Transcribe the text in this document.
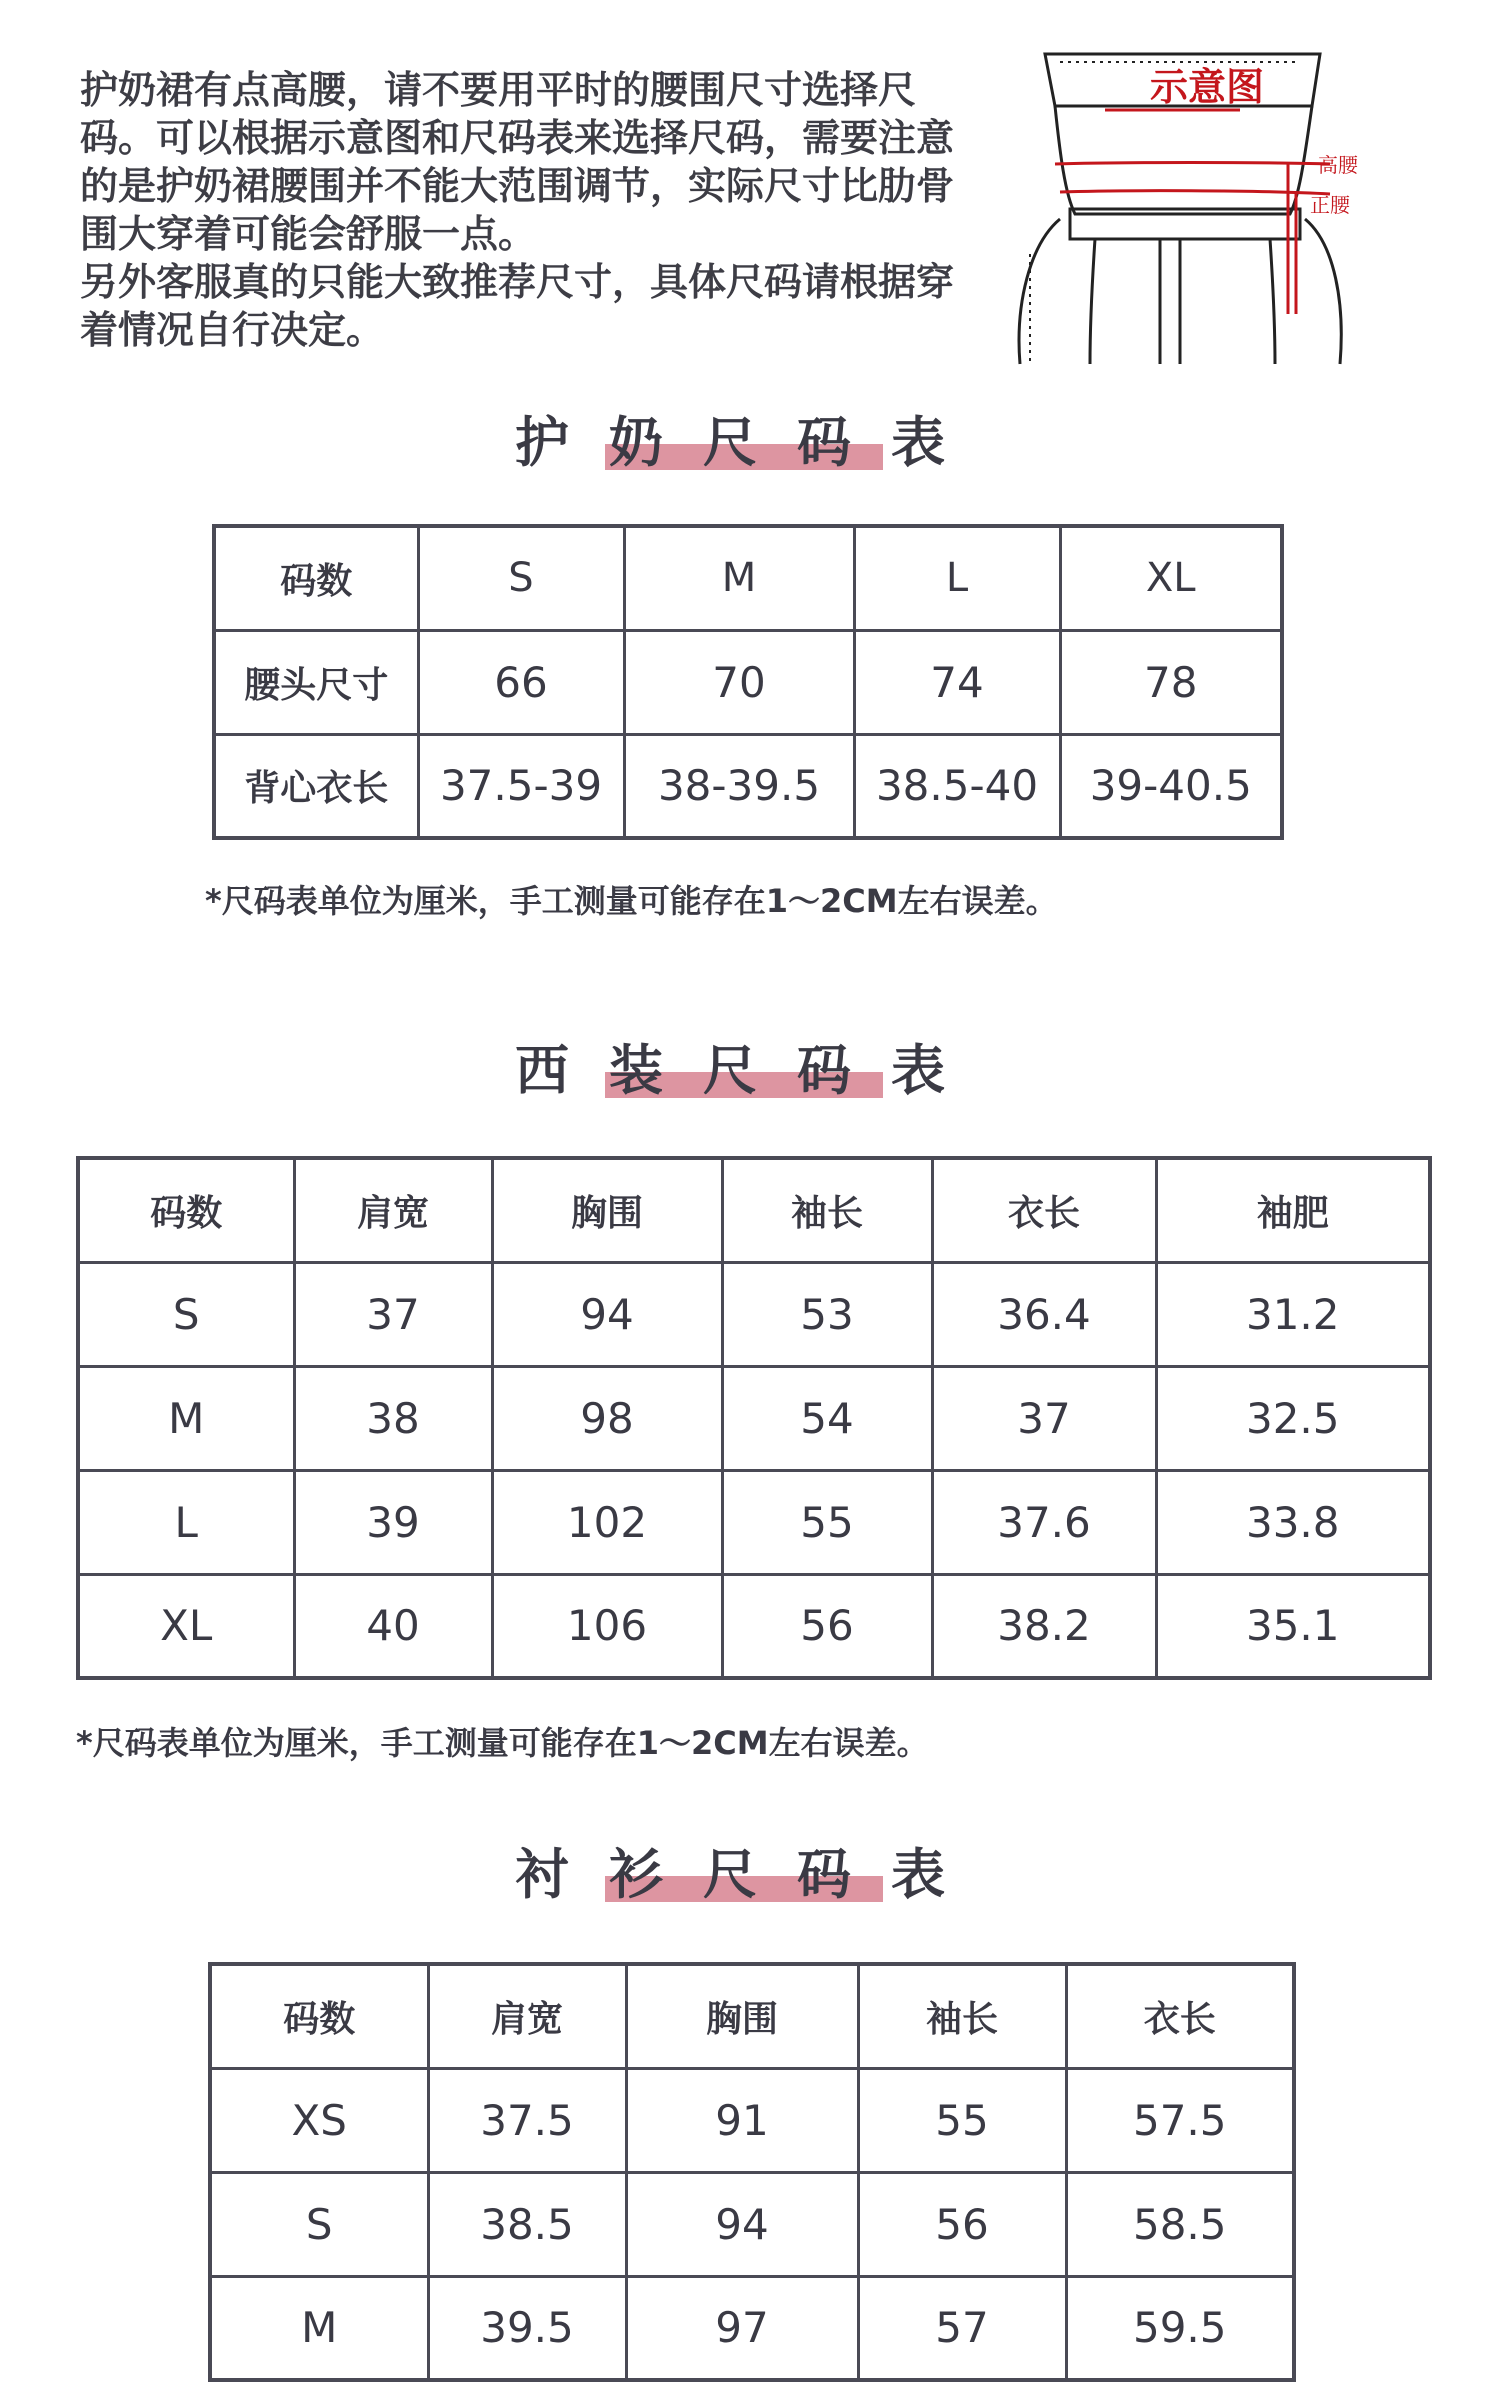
护奶裙有点高腰，请不要用平时的腰围尺寸选择尺码。可以根据示意图和尺码表来选择尺码，需要注意的是护奶裙腰围并不能大范围调节，实际尺寸比肋骨围大穿着可能会舒服一点。

另外客服真的只能大致推荐尺寸，具体尺码请根据穿着情况自行决定。

示意图
高腰
正腰
护奶尺码表
码数	S	M	L	XL
腰头尺寸	66	70	74	78
背心衣长	37.5-39	38-39.5	38.5-40	39-40.5
*尺码表单位为厘米，手工测量可能存在1～2CM左右误差。
西装尺码表
码数	肩宽	胸围	袖长	衣长	袖肥
S	37	94	53	36.4	31.2
M	38	98	54	37	32.5
L	39	102	55	37.6	33.8
XL	40	106	56	38.2	35.1
*尺码表单位为厘米，手工测量可能存在1～2CM左右误差。
衬衫尺码表
码数	肩宽	胸围	袖长	衣长
XS	37.5	91	55	57.5
S	38.5	94	56	58.5
M	39.5	97	57	59.5
